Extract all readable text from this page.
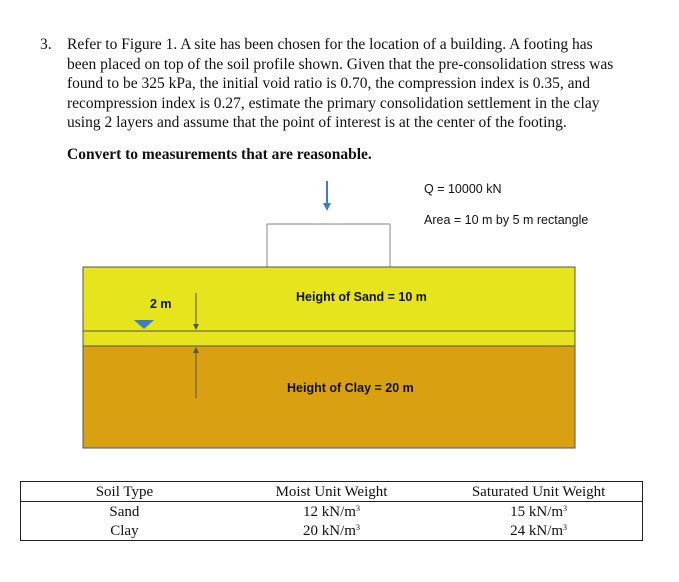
3. Refer to Figure 1. A site has been chosen for the location of a building. A footing has
been placed on top of the soil profile shown. Given that the pre-consolidation stress was
found to be 325 kPa, the initial void ratio is 0.70, the compression index is 0.35, and
recompression index is 0.27, estimate the primary consolidation settlement in the clay
using 2 layers and assume that the point of interest is at the center of the footing.
Convert to measurements that are reasonable.
Q = 10000 kN
Area = 10 m by 5 m rectangle
2 m	Height of Sand = 10 m
Height of Clay = 20 m
Soil Type	Moist Unit Weight	Saturated Unit Weight
Sand	12 $kN/m^3$	15 $kN/m^3$
Clay	20 $kN/m^3$	24 $kN/m^3$
